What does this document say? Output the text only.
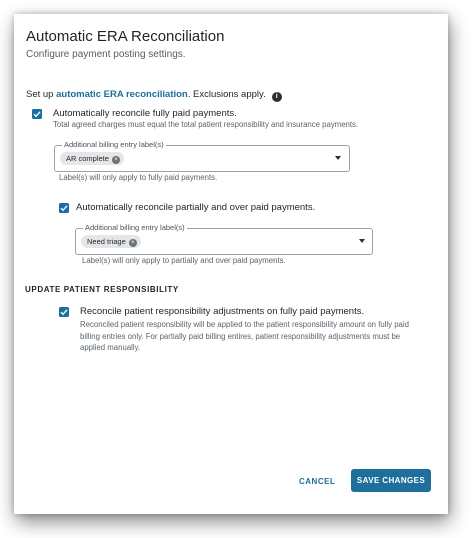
Automatic ERA Reconciliation
Configure payment posting settings.
Set up automatic ERA reconciliation. Exclusions apply. i
Automatically reconcile fully paid payments.
Total agreed charges must equal the total patient responsibility and insurance payments.
Additional billing entry label(s)
AR complete ×
Label(s) will only apply to fully paid payments.
Automatically reconcile partially and over paid payments.
Additional billing entry label(s)
Need triage ×
Label(s) will only apply to partially and over paid payments.
UPDATE PATIENT RESPONSIBILITY
Reconcile patient responsibility adjustments on fully paid payments.
Reconciled patient responsibility will be applied to the patient responsibility amount on fully paid billing entries only. For partially paid billing entires, patient responsibility adjustments must be applied manually.
CANCEL	SAVE CHANGES
